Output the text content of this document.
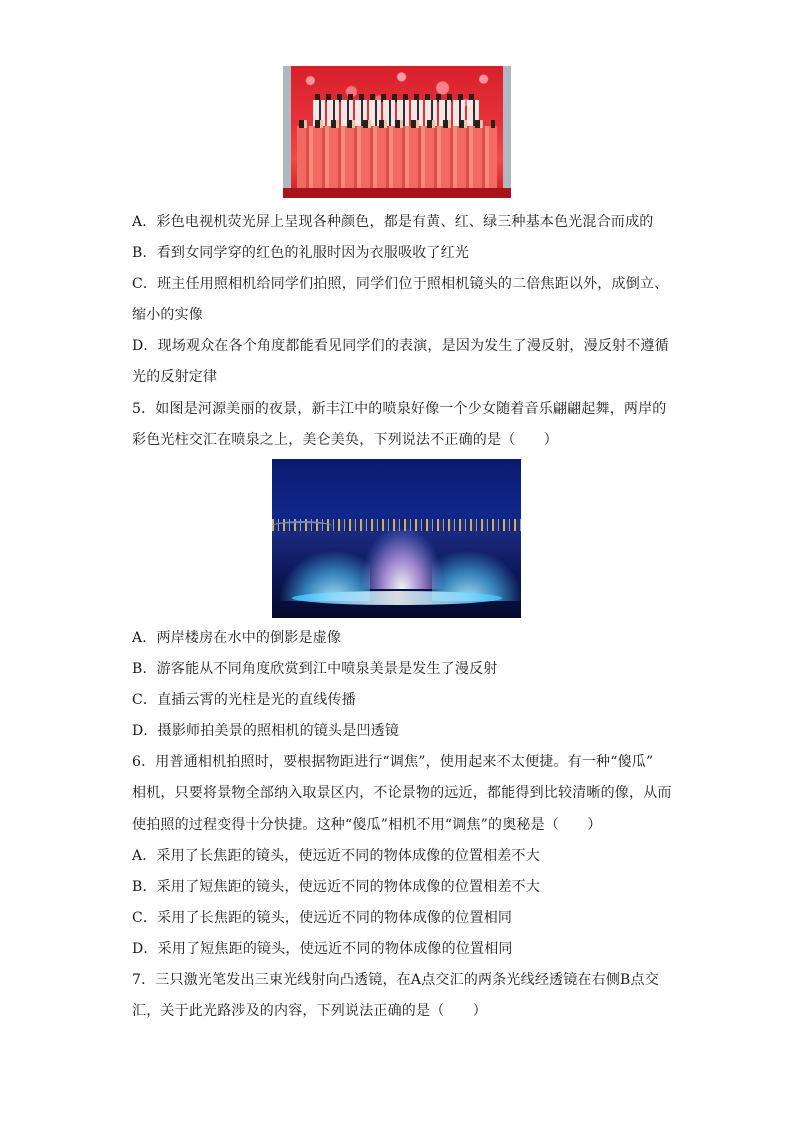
A．彩色电视机荧光屏上呈现各种颜色，都是有黄、红、绿三种基本色光混合而成的
B．看到女同学穿的红色的礼服时因为衣服吸收了红光
C．班主任用照相机给同学们拍照，同学们位于照相机镜头的二倍焦距以外，成倒立、
缩小的实像
D．现场观众在各个角度都能看见同学们的表演，是因为发生了漫反射，漫反射不遵循
光的反射定律
5．如图是河源美丽的夜景，新丰江中的喷泉好像一个少女随着音乐翩翩起舞，两岸的
彩色光柱交汇在喷泉之上，美仑美奂，下列说法不正确的是（　　）
A．两岸楼房在水中的倒影是虚像
B．游客能从不同角度欣赏到江中喷泉美景是发生了漫反射
C．直插云霄的光柱是光的直线传播
D．摄影师拍美景的照相机的镜头是凹透镜
6．用普通相机拍照时，要根据物距进行“调焦”，使用起来不太便捷。有一种“傻瓜”
相机，只要将景物全部纳入取景区内，不论景物的远近，都能得到比较清晰的像，从而
使拍照的过程变得十分快捷。这种“傻瓜”相机不用“调焦”的奥秘是（　　）
A．采用了长焦距的镜头，使远近不同的物体成像的位置相差不大
B．采用了短焦距的镜头，使远近不同的物体成像的位置相差不大
C．采用了长焦距的镜头，使远近不同的物体成像的位置相同
D．采用了短焦距的镜头，使远近不同的物体成像的位置相同
7．三只激光笔发出三束光线射向凸透镜，在A点交汇的两条光线经透镜在右侧B点交
汇，关于此光路涉及的内容，下列说法正确的是（　　）
